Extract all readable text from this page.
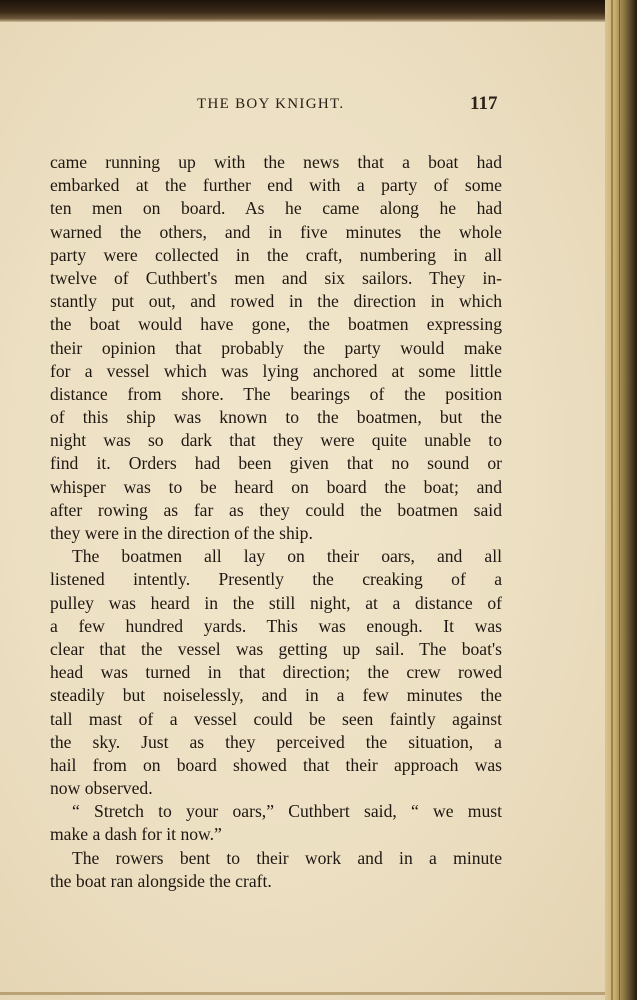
THE BOY KNIGHT.	117
came running up with the news that a boat had
embarked at the further end with a party of some
ten men on board. As he came along he had
warned the others, and in five minutes the whole
party were collected in the craft, numbering in all
twelve of Cuthbert's men and six sailors. They in-
stantly put out, and rowed in the direction in which
the boat would have gone, the boatmen expressing
their opinion that probably the party would make
for a vessel which was lying anchored at some little
distance from shore. The bearings of the position
of this ship was known to the boatmen, but the
night was so dark that they were quite unable to
find it. Orders had been given that no sound or
whisper was to be heard on board the boat; and
after rowing as far as they could the boatmen said
they were in the direction of the ship.
The boatmen all lay on their oars, and all
listened intently. Presently the creaking of a
pulley was heard in the still night, at a distance of
a few hundred yards. This was enough. It was
clear that the vessel was getting up sail. The boat's
head was turned in that direction; the crew rowed
steadily but noiselessly, and in a few minutes the
tall mast of a vessel could be seen faintly against
the sky. Just as they perceived the situation, a
hail from on board showed that their approach was
now observed.
“ Stretch to your oars,” Cuthbert said, “ we must
make a dash for it now.”
The rowers bent to their work and in a minute
the boat ran alongside the craft.
